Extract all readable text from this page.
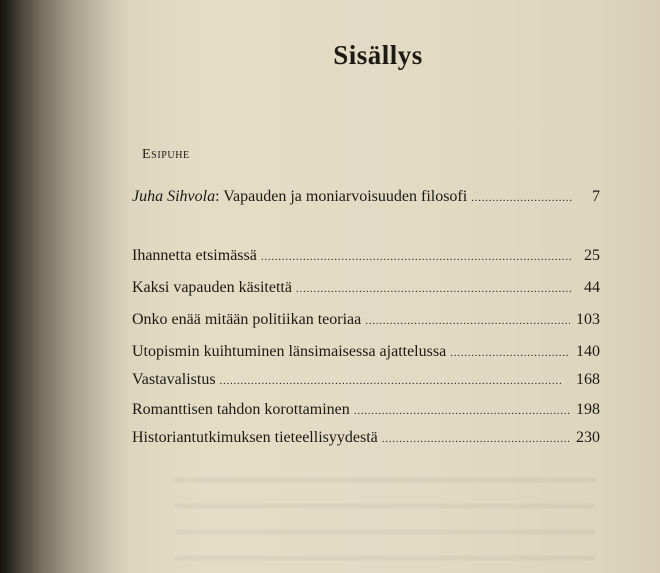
Sisällys
Esipuhe
Juha Sihvola: Vapauden ja moniarvoisuuden filosofi . . .	7
Ihannetta etsimässä . . .	25
Kaksi vapauden käsitettä . . .	44
Onko enää mitään politiikan teoriaa . . .	103
Utopismin kuihtuminen länsimaisessa ajattelussa . . .	140
Vastavalistus . . .	168
Romanttisen tahdon korottaminen . . .	198
Historiantutkimuksen tieteellisyydestä . . .	230
